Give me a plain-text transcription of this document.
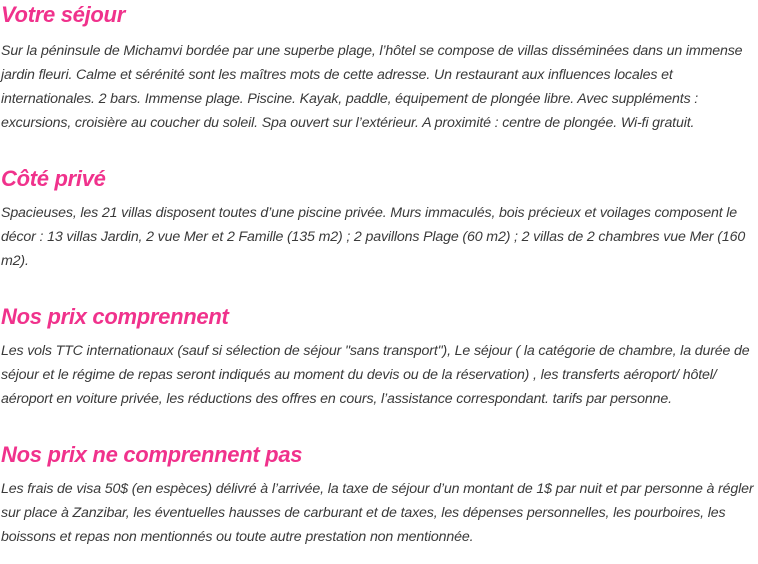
Votre séjour

Sur la péninsule de Michamvi bordée par une superbe plage, l’hôtel se compose de villas disséminées dans un immense jardin fleuri. Calme et sérénité sont les maîtres mots de cette adresse. Un restaurant aux influences locales et internationales. 2 bars. Immense plage. Piscine. Kayak, paddle, équipement de plongée libre. Avec suppléments : excursions, croisière au coucher du soleil. Spa ouvert sur l’extérieur. A proximité : centre de plongée. Wi-fi gratuit.

Côté privé

Spacieuses, les 21 villas disposent toutes d’une piscine privée. Murs immaculés, bois précieux et voilages composent le décor : 13 villas Jardin, 2 vue Mer et 2 Famille (135 m2) ; 2 pavillons Plage (60 m2) ; 2 villas de 2 chambres vue Mer (160 m2).

Nos prix comprennent

Les vols TTC internationaux (sauf si sélection de séjour "sans transport"), Le séjour ( la catégorie de chambre, la durée de séjour et le régime de repas seront indiqués au moment du devis ou de la réservation) , les transferts aéroport/ hôtel/ aéroport en voiture privée, les réductions des offres en cours, l’assistance correspondant. tarifs par personne.

Nos prix ne comprennent pas

Les frais de visa 50$ (en espèces) délivré à l’arrivée, la taxe de séjour d’un montant de 1$ par nuit et par personne à régler sur place à Zanzibar, les éventuelles hausses de carburant et de taxes, les dépenses personnelles, les pourboires, les boissons et repas non mentionnés ou toute autre prestation non mentionnée.
